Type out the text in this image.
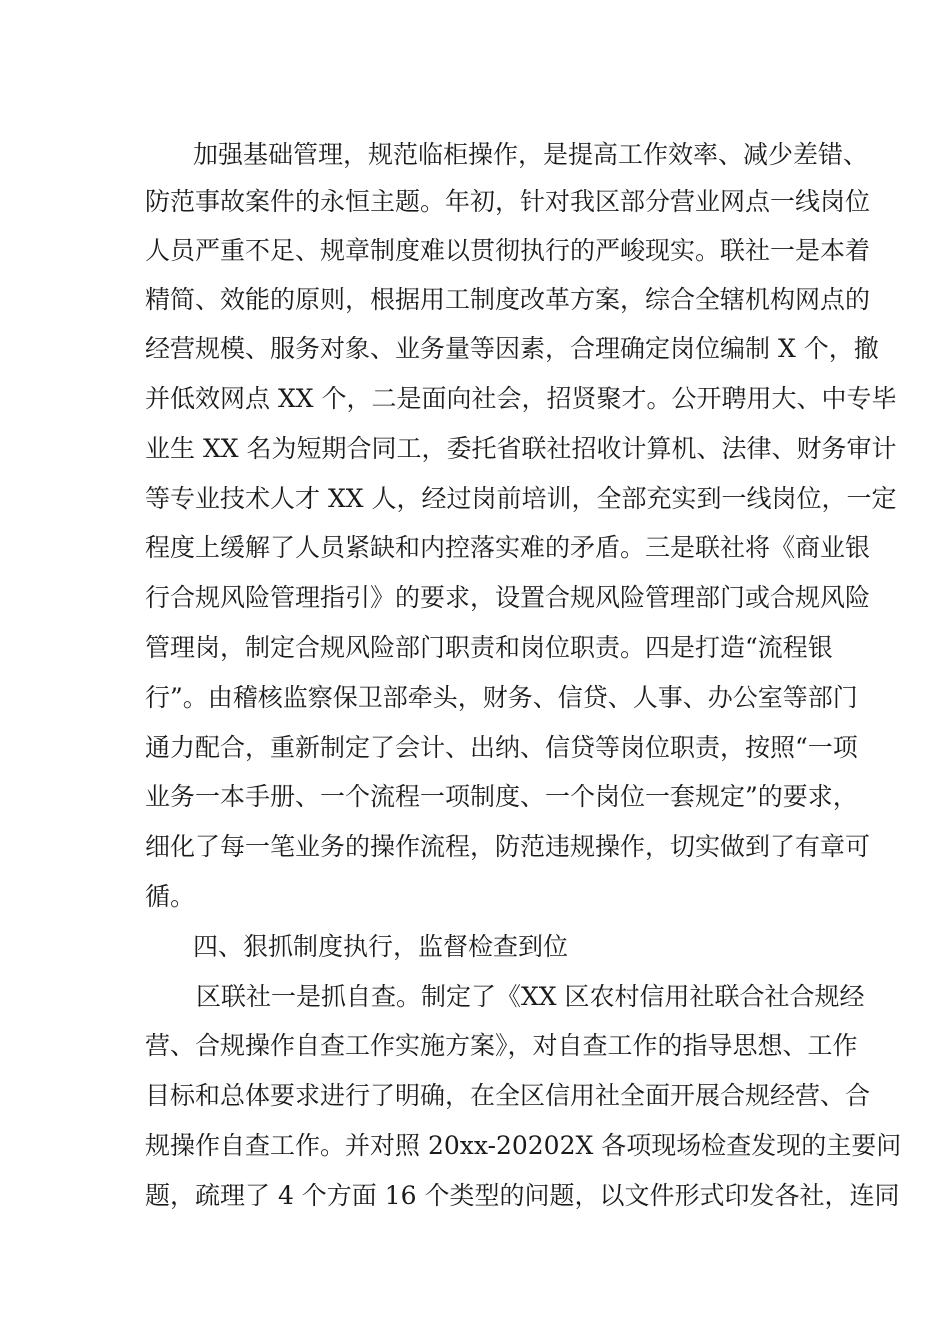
加强基础管理，规范临柜操作，是提高工作效率、减少差错、
防范事故案件的永恒主题。年初，针对我区部分营业网点一线岗位
人员严重不足、规章制度难以贯彻执行的严峻现实。联社一是本着
精简、效能的原则，根据用工制度改革方案，综合全辖机构网点的
经营规模、服务对象、业务量等因素，合理确定岗位编制 X 个，撤
并低效网点 XX 个，二是面向社会，招贤聚才。公开聘用大、中专毕
业生 XX 名为短期合同工，委托省联社招收计算机、法律、财务审计
等专业技术人才 XX 人，经过岗前培训，全部充实到一线岗位，一定
程度上缓解了人员紧缺和内控落实难的矛盾。三是联社将《商业银
行合规风险管理指引》的要求，设置合规风险管理部门或合规风险
管理岗，制定合规风险部门职责和岗位职责。四是打造“流程银
行”。由稽核监察保卫部牵头，财务、信贷、人事、办公室等部门
通力配合，重新制定了会计、出纳、信贷等岗位职责，按照“一项
业务一本手册、一个流程一项制度、一个岗位一套规定”的要求，
细化了每一笔业务的操作流程，防范违规操作，切实做到了有章可
循。
四、狠抓制度执行，监督检查到位
区联社一是抓自查。制定了《XX 区农村信用社联合社合规经
营、合规操作自查工作实施方案》，对自查工作的指导思想、工作
目标和总体要求进行了明确，在全区信用社全面开展合规经营、合
规操作自查工作。并对照 20xx-20202X 各项现场检查发现的主要问
题，疏理了 4 个方面 16 个类型的问题，以文件形式印发各社，连同
